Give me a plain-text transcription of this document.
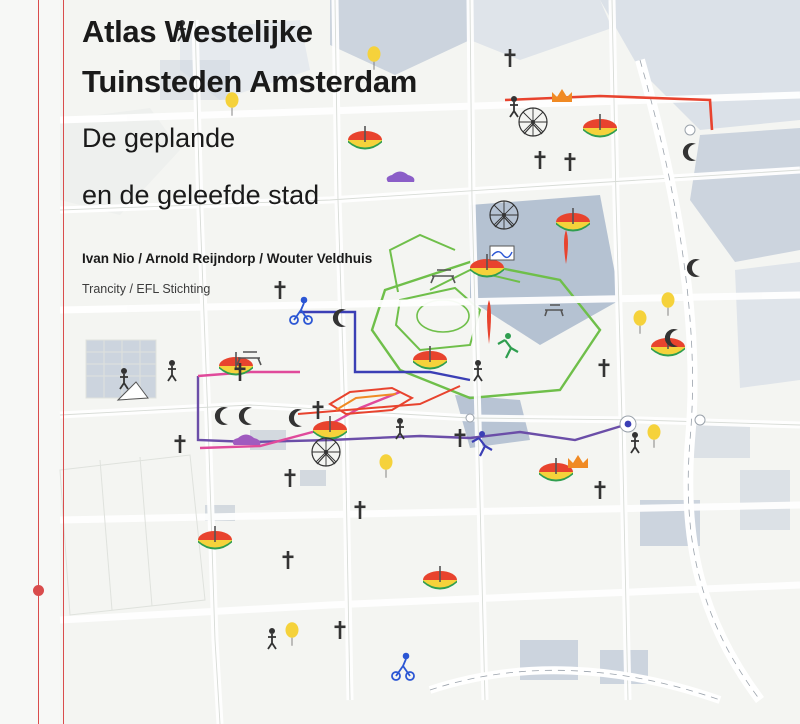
Atlas Westelijke
Tuinsteden Amsterdam
De geplande
en de geleefde stad
Ivan Nio / Arnold Reijndorp / Wouter Veldhuis
Trancity / EFL Stichting
